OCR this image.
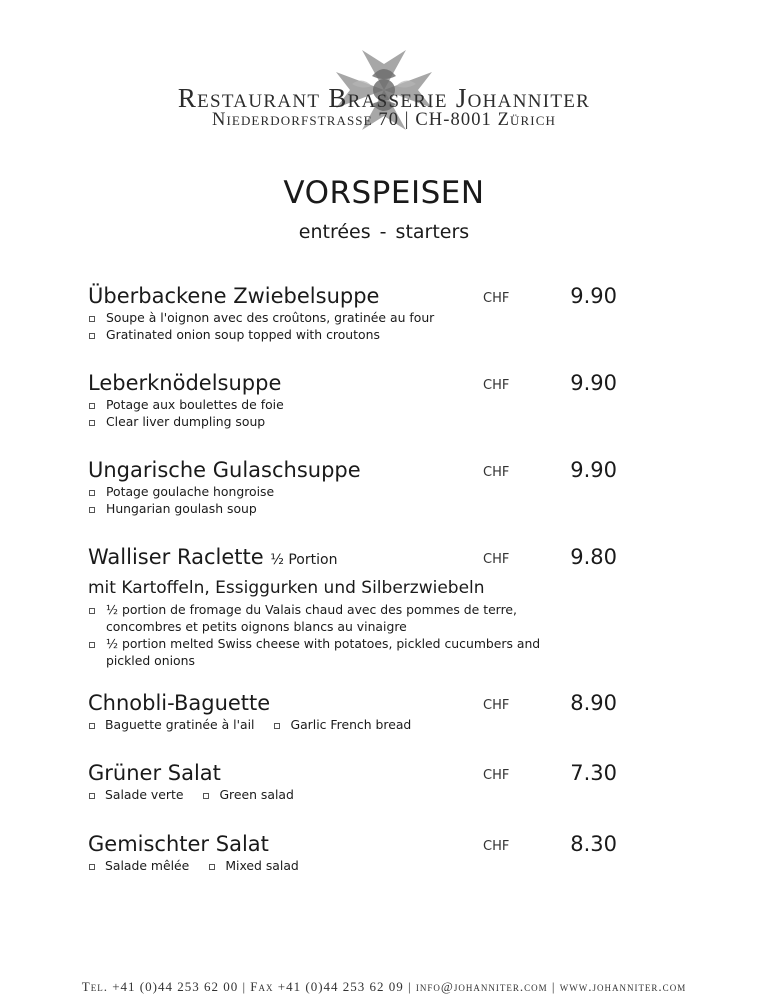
Restaurant Brasserie Johanniter
Niederdorfstrasse 70 | CH-8001 Zürich
VORSPEISEN
entrées - starters
Überbackene Zwiebelsuppe
Soupe à l'oignon avec des croûtons, gratinée au four
Gratinated onion soup topped with croutons
CHF	9.90
Leberknödelsuppe
Potage aux boulettes de foie
Clear liver dumpling soup
CHF	9.90
Ungarische Gulaschsuppe
Potage goulache hongroise
Hungarian goulash soup
CHF	9.90
Walliser Raclette ½ Portion
mit Kartoffeln, Essiggurken und Silberzwiebeln
½ portion de fromage du Valais chaud avec des pommes de terre, concombres et petits oignons blancs au vinaigre
½ portion melted Swiss cheese with potatoes, pickled cucumbers and pickled onions
CHF	9.80
Chnobli-Baguette
Baguette gratinée à l'ail	Garlic French bread
CHF	8.90
Grüner Salat
Salade verte	Green salad
CHF	7.30
Gemischter Salat
Salade mêlée	Mixed salad
CHF	8.30
Tel. +41 (0)44 253 62 00 | Fax +41 (0)44 253 62 09 | info@johanniter.com | www.johanniter.com
